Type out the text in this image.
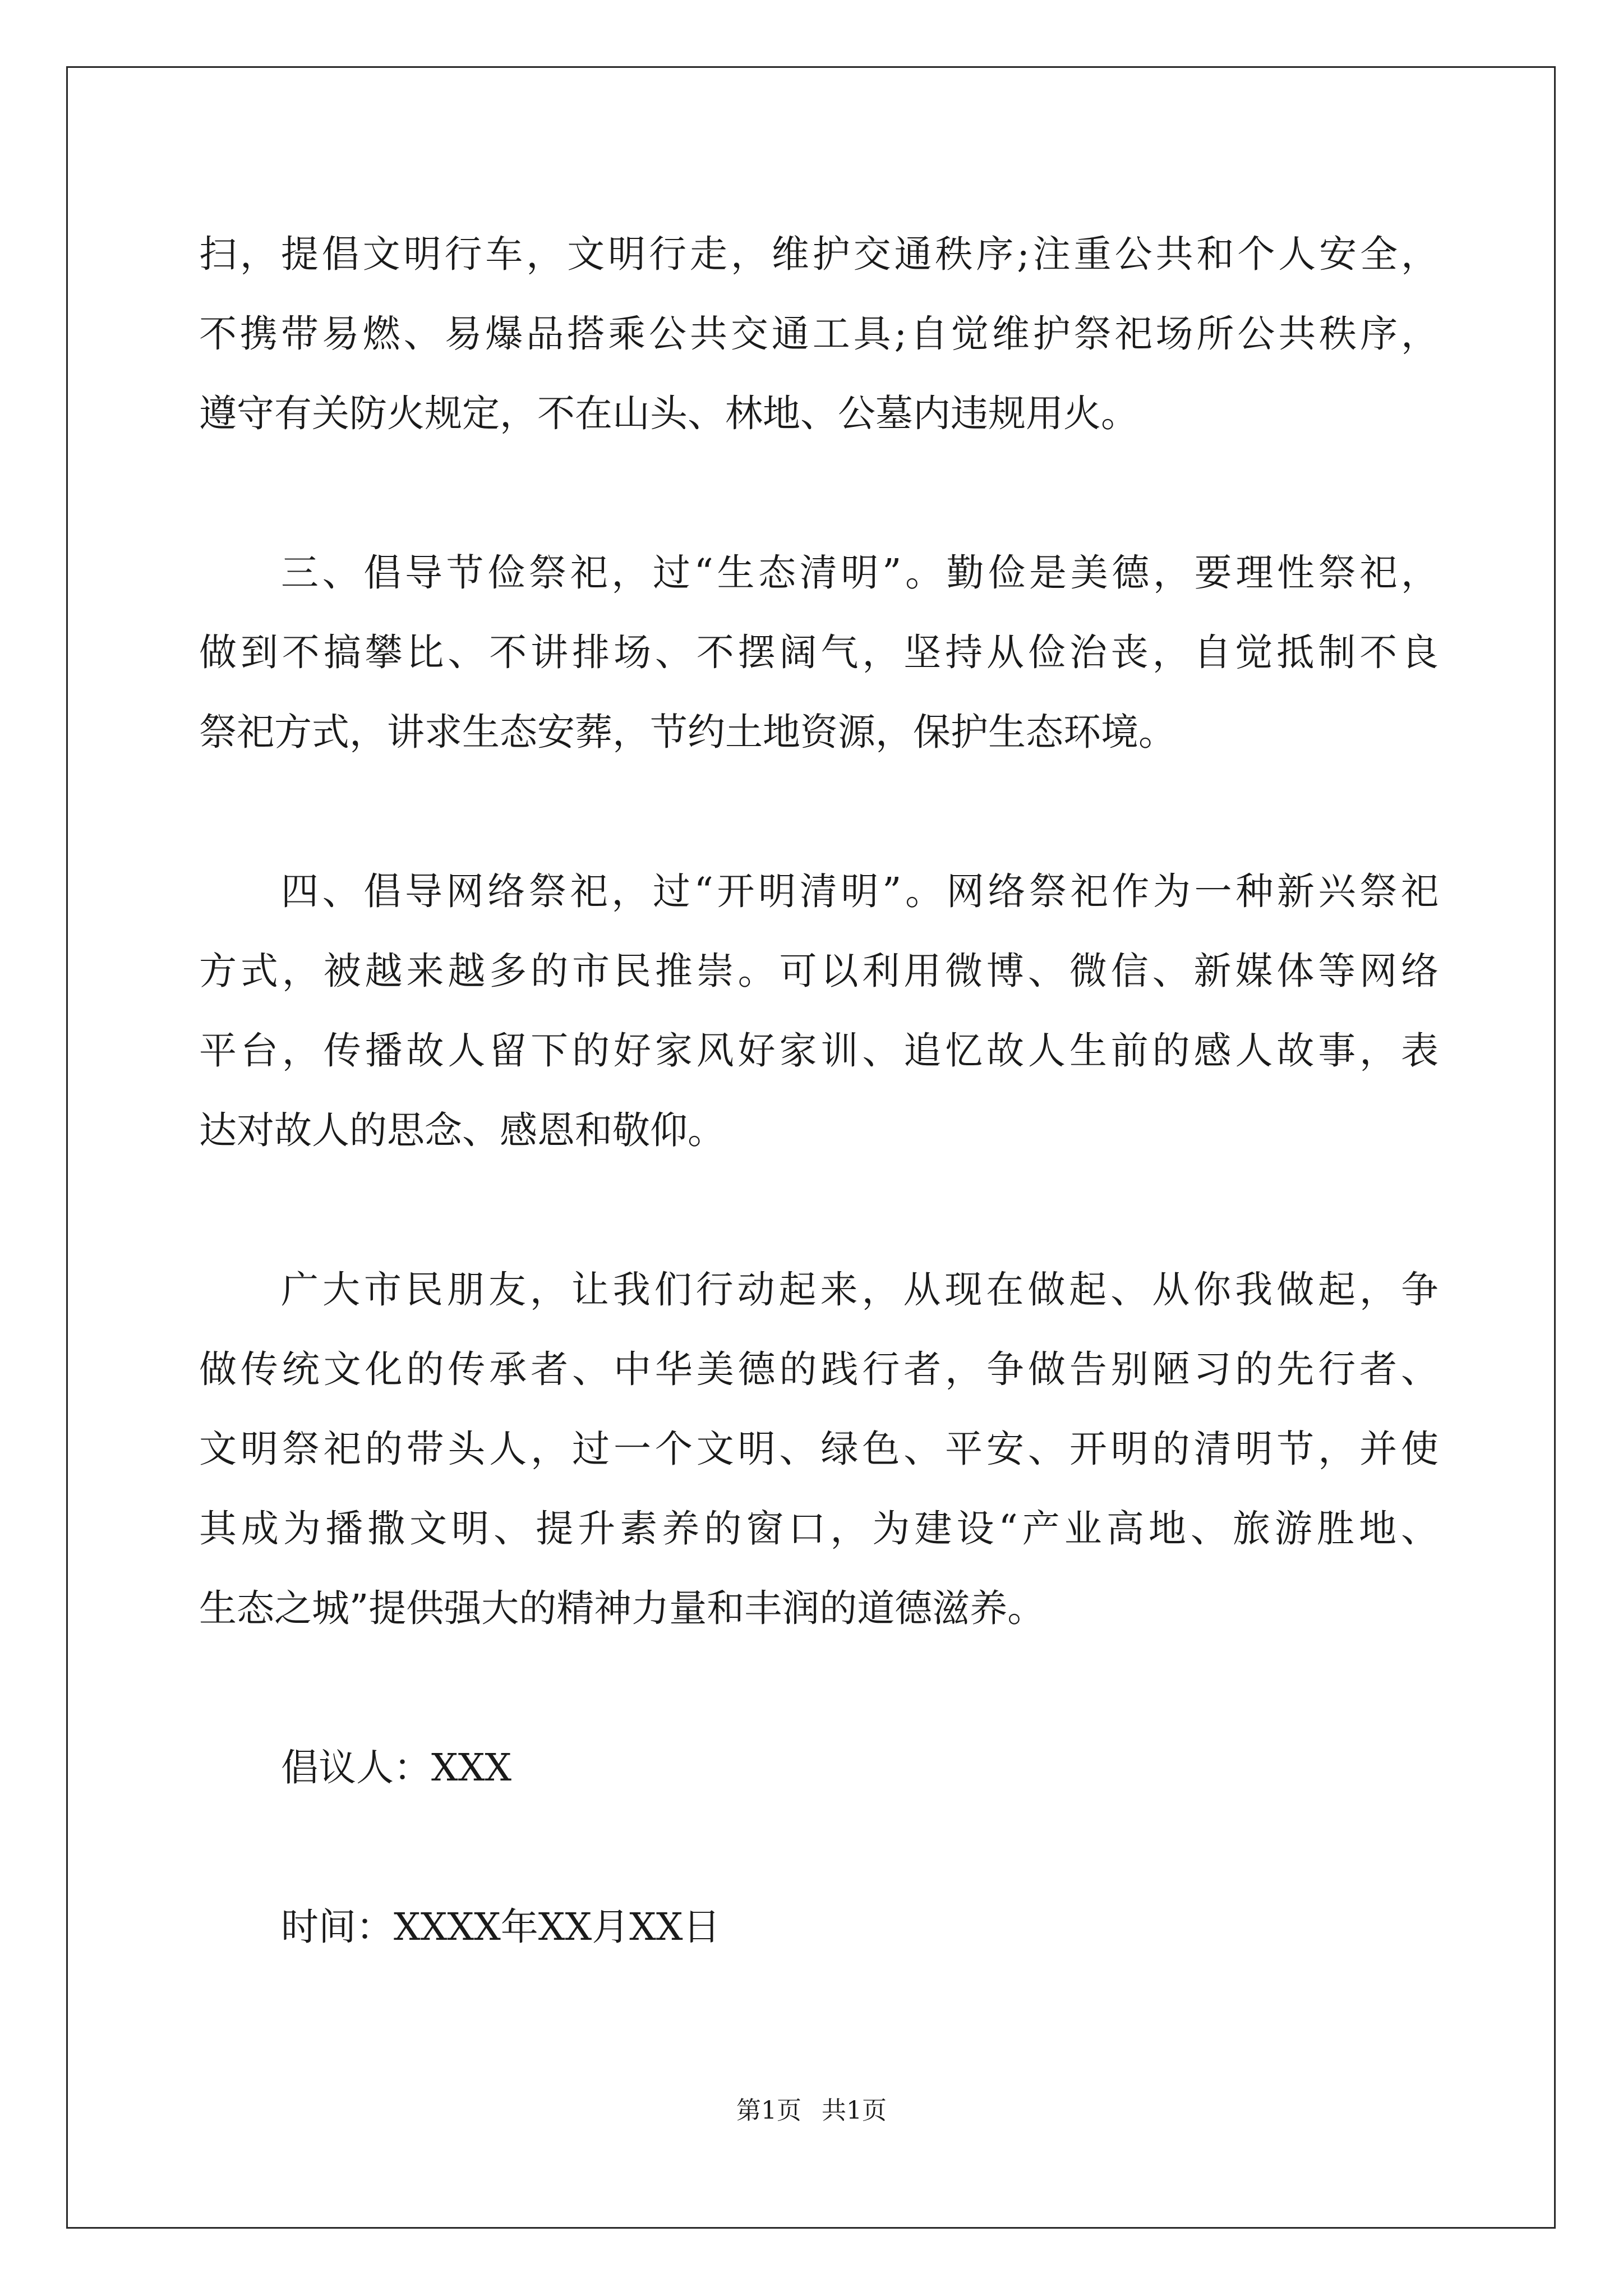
扫，提倡文明行车，文明行走，维护交通秩序;注重公共和个人安全，
不携带易燃、易爆品搭乘公共交通工具;自觉维护祭祀场所公共秩序，
遵守有关防火规定，不在山头、林地、公墓内违规用火。
三、倡导节俭祭祀，过“生态清明”。勤俭是美德，要理性祭祀，
做到不搞攀比、不讲排场、不摆阔气，坚持从俭治丧，自觉抵制不良
祭祀方式，讲求生态安葬，节约土地资源，保护生态环境。
四、倡导网络祭祀，过“开明清明”。网络祭祀作为一种新兴祭祀
方式，被越来越多的市民推崇。可以利用微博、微信、新媒体等网络
平台，传播故人留下的好家风好家训、追忆故人生前的感人故事，表
达对故人的思念、感恩和敬仰。
广大市民朋友，让我们行动起来，从现在做起、从你我做起，争
做传统文化的传承者、中华美德的践行者，争做告别陋习的先行者、
文明祭祀的带头人，过一个文明、绿色、平安、开明的清明节，并使
其成为播撒文明、提升素养的窗口，为建设“产业高地、旅游胜地、
生态之城”提供强大的精神力量和丰润的道德滋养。
倡议人：XXX
时间：XXXX年XX月XX日
第1页 共1页
